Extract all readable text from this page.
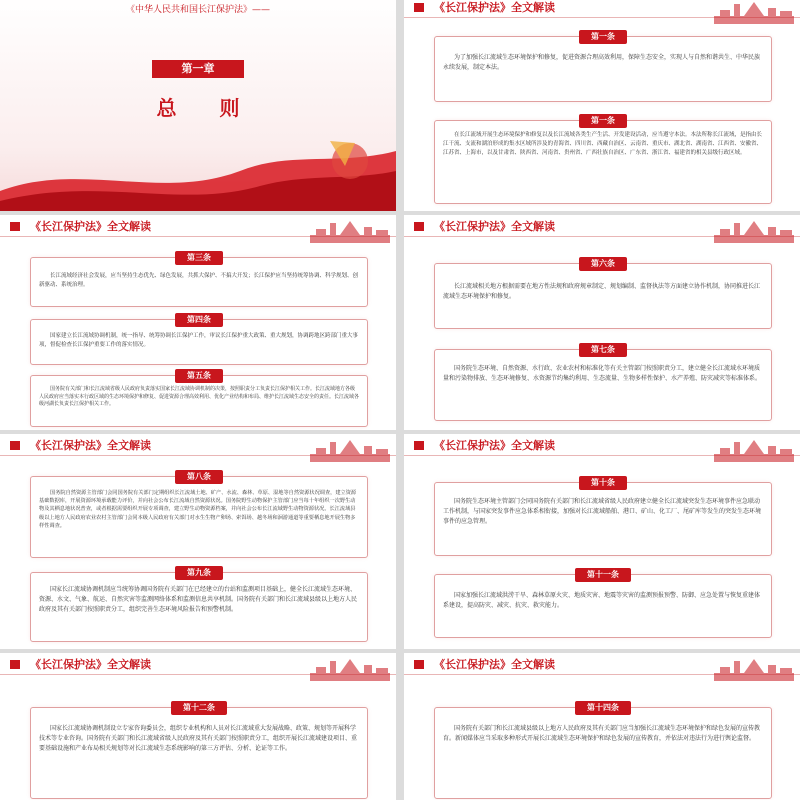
《中华人民共和国长江保护法》——
第一章
总 则
《长江保护法》全文解读
第一条

为了加强长江流域生态环境保护和修复，促进资源合理高效利用，保障生态安全，实现人与自然和谐共生、中华民族永续发展，制定本法。

第一条

在长江流域开展生态环境保护和修复以及长江流域各类生产生活、开发建设活动，应当遵守本法。本法所称长江流域，是指由长江干流、支流和湖泊形成的集水区域所涉及的青海省、四川省、西藏自治区、云南省、重庆市、湖北省、湖南省、江西省、安徽省、江苏省、上海市，以及甘肃省、陕西省、河南省、贵州省、广西壮族自治区、广东省、浙江省、福建省的相关县级行政区域。

《长江保护法》全文解读
第三条

长江流域经济社会发展，应当坚持生态优先、绿色发展，共抓大保护、不搞大开发；长江保护应当坚持统筹协调、科学规划、创新驱动、系统治理。

第四条

国家建立长江流域协调机制，统一指导、统筹协调长江保护工作，审议长江保护重大政策、重大规划，协调跨地区跨部门重大事项，督促检查长江保护重要工作的落实情况。

第五条

国务院有关部门和长江流域省级人民政府负责落实国家长江流域协调机制的决策，按照职责分工负责长江保护相关工作。长江流域地方各级人民政府应当落实本行政区域的生态环境保护和修复、促进资源合理高效利用、优化产业结构和布局、维护长江流域生态安全的责任。长江流域各级河湖长负责长江保护相关工作。

《长江保护法》全文解读
第六条

长江流域相关地方根据需要在地方性法规和政府规章制定、规划编制、监督执法等方面建立协作机制，协同推进长江流域生态环境保护和修复。

第七条

国务院生态环境、自然资源、水行政、农业农村和标准化等有关主管部门按照职责分工，建立健全长江流域水环境质量和污染物排放、生态环境修复、水资源节约集约利用、生态流量、生物多样性保护、水产养殖、防灾减灾等标准体系。

《长江保护法》全文解读
第八条

国务院自然资源主管部门会同国务院有关部门定期组织长江流域土地、矿产、水流、森林、草原、湿地等自然资源状况调查，建立资源基础数据库，开展资源环境承载能力评价，并向社会公布长江流域自然资源状况。国务院野生动物保护主管部门应当每十年组织一次野生动物及其栖息地状况普查，或者根据需要组织开展专项调查，建立野生动物资源档案，并向社会公布长江流域野生动物资源状况。长江流域县级以上地方人民政府农业农村主管部门会同本级人民政府有关部门对水生生物产卵场、索饵场、越冬场和洄游通道等重要栖息地开展生物多样性调查。

第九条

国家长江流域协调机制应当统筹协调国务院有关部门在已经建立的台站和监测项目基础上，健全长江流域生态环境、资源、水文、气象、航运、自然灾害等监测网络体系和监测信息共享机制。国务院有关部门和长江流域县级以上地方人民政府及其有关部门按照职责分工，组织完善生态环境风险报告和预警机制。

《长江保护法》全文解读
第十条

国务院生态环境主管部门会同国务院有关部门和长江流域省级人民政府建立健全长江流域突发生态环境事件应急联动工作机制，与国家突发事件应急体系相衔接，加强对长江流域船舶、港口、矿山、化工厂、尾矿库等发生的突发生态环境事件的应急管理。

第十一条

国家加强长江流域洪涝干旱、森林草原火灾、地质灾害、地震等灾害的监测预报预警、防御、应急处置与恢复重建体系建设，提高防灾、减灾、抗灾、救灾能力。

《长江保护法》全文解读
第十二条

国家长江流域协调机制设立专家咨询委员会，组织专业机构和人员对长江流域重大发展战略、政策、规划等开展科学技术等专业咨询。国务院有关部门和长江流域省级人民政府及其有关部门按照职责分工，组织开展长江流域建设项目、重要基础设施和产业布局相关规划等对长江流域生态系统影响的第三方评估、分析、论证等工作。

《长江保护法》全文解读
第十四条

国务院有关部门和长江流域县级以上地方人民政府及其有关部门应当加强长江流域生态环境保护和绿色发展的宣传教育。新闻媒体应当采取多种形式开展长江流域生态环境保护和绿色发展的宣传教育，并依法对违法行为进行舆论监督。
